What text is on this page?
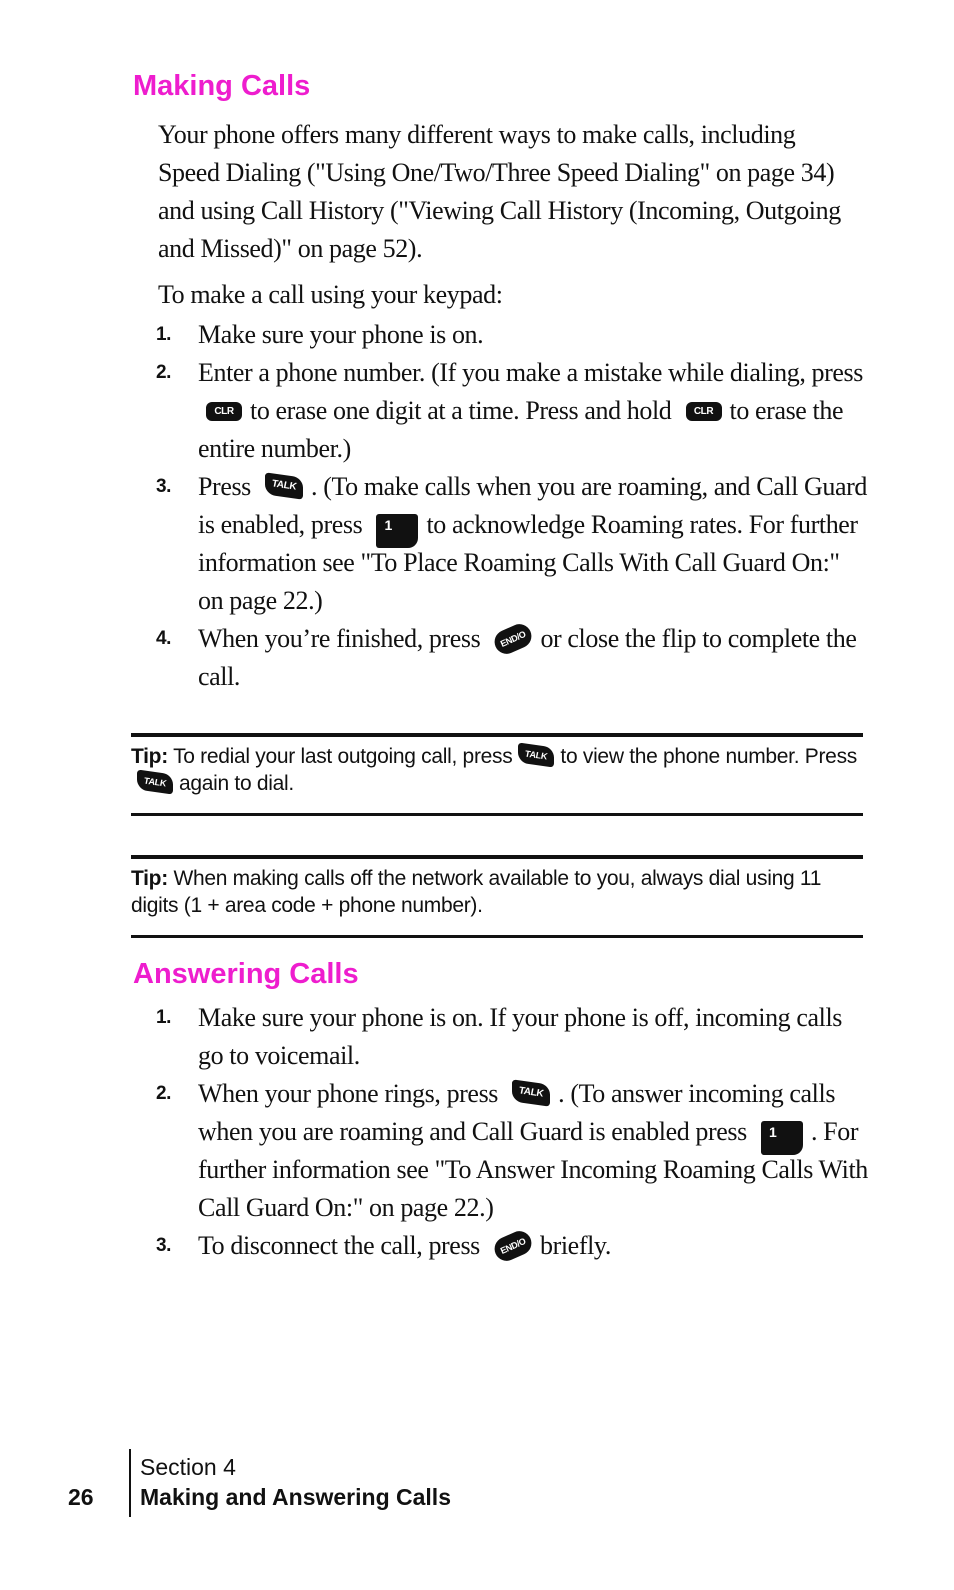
Making Calls

Your phone offers many different ways to make calls, including Speed Dialing ("Using One/Two/Three Speed Dialing" on page 34) and using Call History ("Viewing Call History (Incoming, Outgoing and Missed)" on page 52).

To make a call using your keypad:

1.	Make sure your phone is on.
2.	Enter a phone number. (If you make a mistake while dialing, press CLR to erase one digit at a time. Press and hold CLR to erase the entire number.)
3.	Press TALK . (To make calls when you are roaming, and Call Guard is enabled, press 1 to acknowledge Roaming rates. For further information see "To Place Roaming Calls With Call Guard On:" on page 22.)
4.	When you’re finished, press END/O or close the flip to complete the call.
Tip: To redial your last outgoing call, press TALK to view the phone number. PressTALK again to dial.
Tip: When making calls off the network available to you, always dial using 11 digits (1 + area code + phone number).
Answering Calls
1.	Make sure your phone is on. If your phone is off, incoming calls go to voicemail.
2.	When your phone rings, press TALK . (To answer incoming calls when you are roaming and Call Guard is enabled press 1 . For further information see "To Answer Incoming Roaming Calls With Call Guard On:" on page 22.)
3.	To disconnect the call, press END/O briefly.
26
Section 4
Making and Answering Calls
